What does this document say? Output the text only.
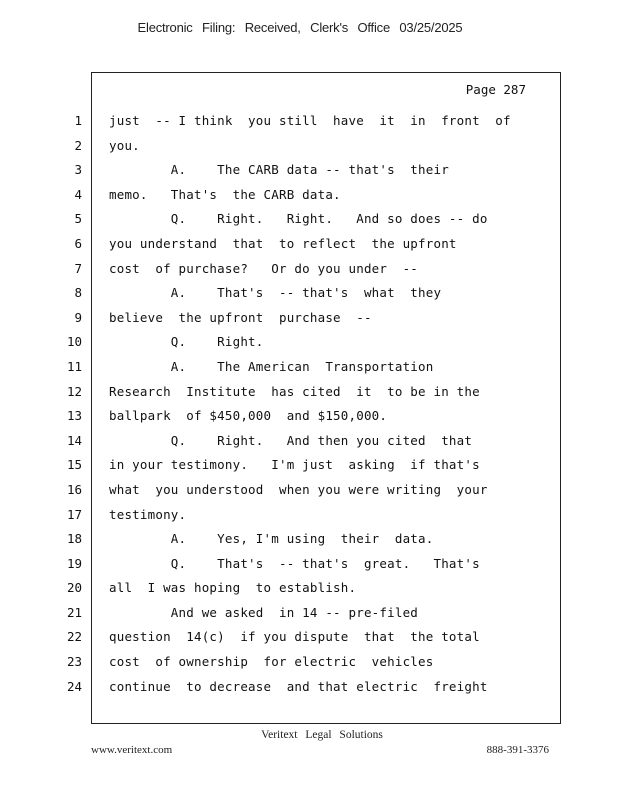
Electronic Filing: Received, Clerk's Office 03/25/2025
Page 287
1
2
3
4
5
6
7
8
9
10
11
12
13
14
15
16
17
18
19
20
21
22
23
24
just  -- I think  you still  have  it  in  front  of
you.
A.    The CARB data -- that's  their
memo.   That's  the CARB data.
Q.    Right.   Right.   And so does -- do
you understand  that  to reflect  the upfront
cost  of purchase?   Or do you under  --
A.    That's  -- that's  what  they
believe  the upfront  purchase  --
Q.    Right.
A.    The American  Transportation
Research  Institute  has cited  it  to be in the
ballpark  of $450,000  and $150,000.
Q.    Right.   And then you cited  that
in your testimony.   I'm just  asking  if that's
what  you understood  when you were writing  your
testimony.
A.    Yes, I'm using  their  data.
Q.    That's  -- that's  great.   That's
all  I was hoping  to establish.
And we asked  in 14 -- pre-filed
question  14(c)  if you dispute  that  the total
cost  of ownership  for electric  vehicles
continue  to decrease  and that electric  freight
Veritext Legal Solutions
www.veritext.com	888-391-3376
